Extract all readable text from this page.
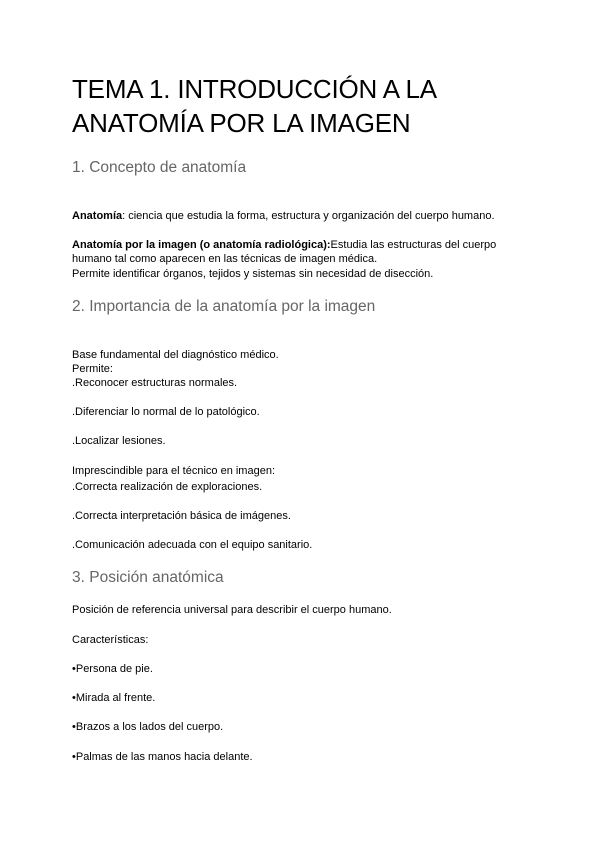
TEMA 1. INTRODUCCIÓN A LA
ANATOMÍA POR LA IMAGEN
1. Concepto de anatomía

Anatomía: ciencia que estudia la forma, estructura y organización del cuerpo humano.

Anatomía por la imagen (o anatomía radiológica):Estudia las estructuras del cuerpo

humano tal como aparecen en las técnicas de imagen médica.

Permite identificar órganos, tejidos y sistemas sin necesidad de disección.

2. Importancia de la anatomía por la imagen

Base fundamental del diagnóstico médico.

Permite:

.Reconocer estructuras normales.

.Diferenciar lo normal de lo patológico.

.Localizar lesiones.

Imprescindible para el técnico en imagen:

.Correcta realización de exploraciones.

.Correcta interpretación básica de imágenes.

.Comunicación adecuada con el equipo sanitario.

3. Posición anatómica

Posición de referencia universal para describir el cuerpo humano.

Características:

•Persona de pie.

•Mirada al frente.

•Brazos a los lados del cuerpo.

•Palmas de las manos hacia delante.
